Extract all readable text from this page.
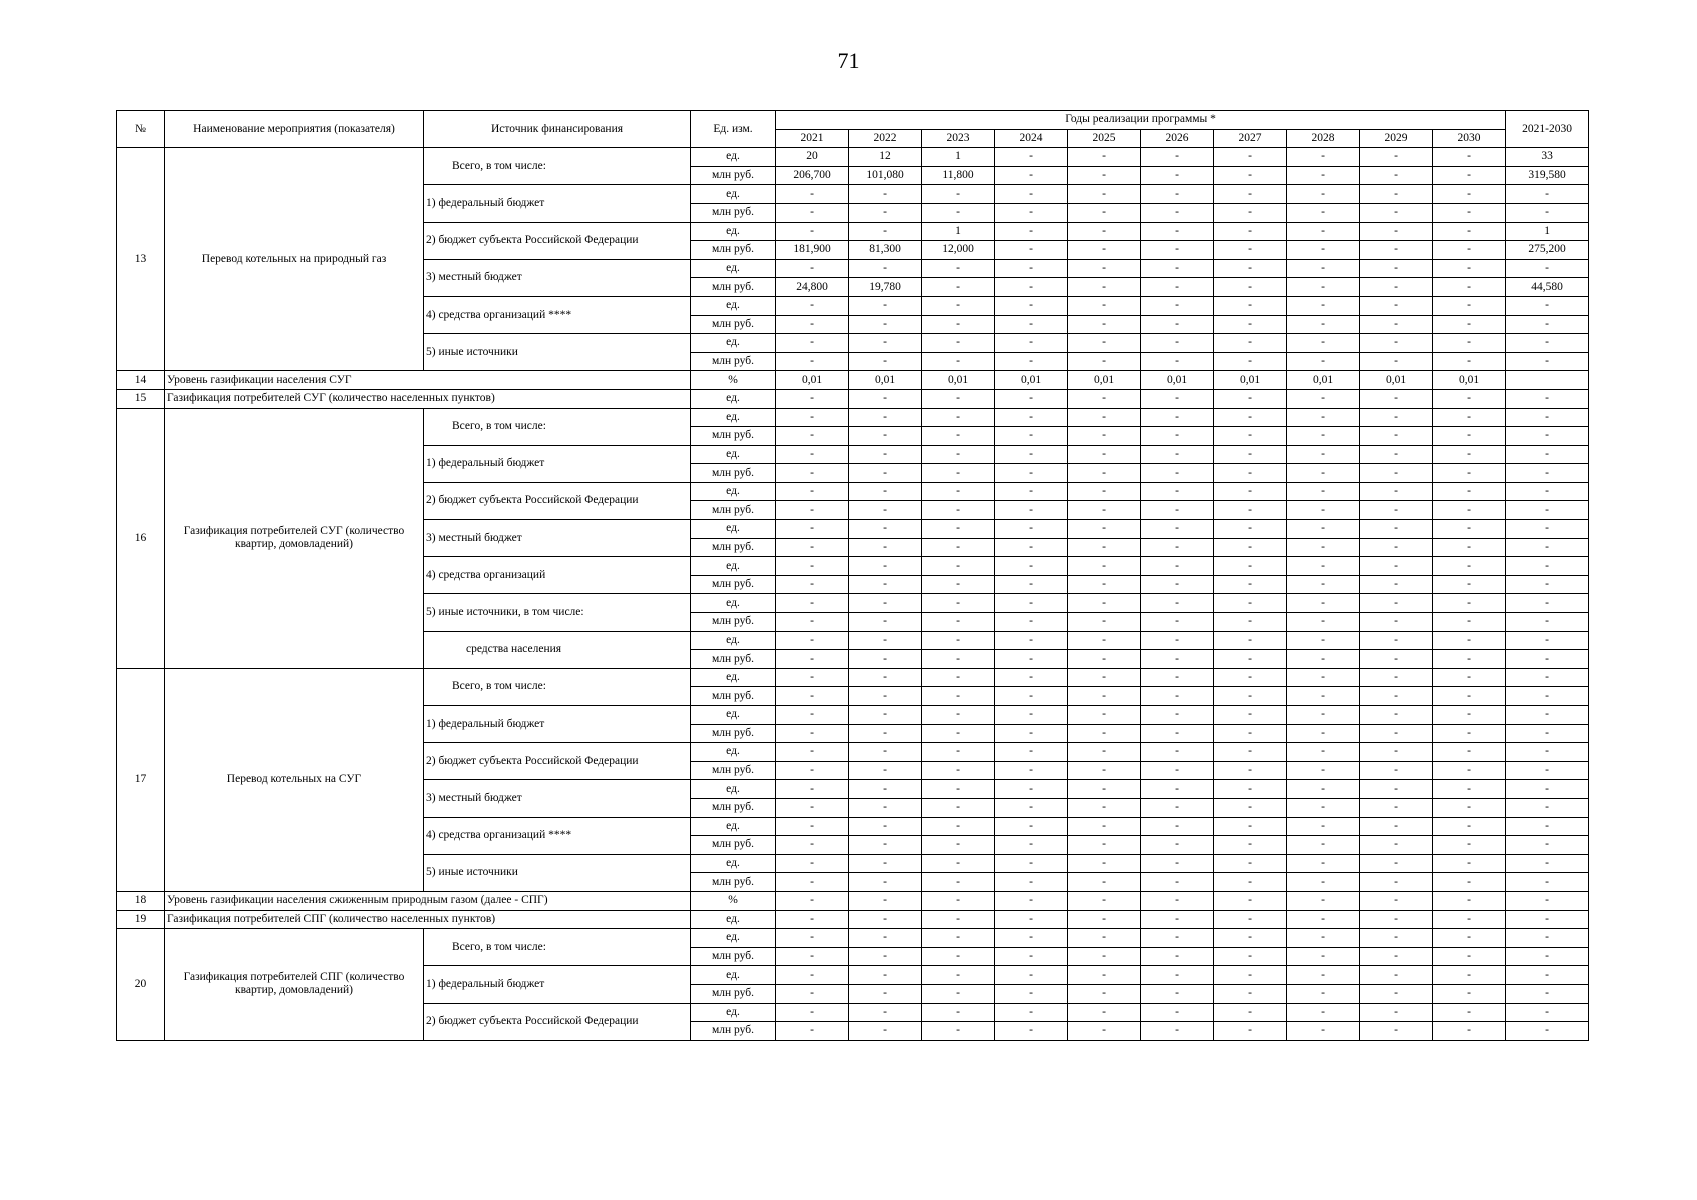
71
№	Наименование мероприятия (показателя)	Источник финансирования	Ед. изм.	Годы реализации программы *										2021-2030
				2021	2022	2023	2024	2025	2026	2027	2028	2029	2030	
13	Перевод котельных на природный газ	Всего, в том числе:	ед.	20	12	1	-	-	-	-	-	-	-	33
			млн руб.	206,700	101,080	11,800	-	-	-	-	-	-	-	319,580
		1) федеральный бюджет	ед.	-	-	-	-	-	-	-	-	-	-	-
			млн руб.	-	-	-	-	-	-	-	-	-	-	-
		2) бюджет субъекта Российской Федерации	ед.	-	-	1	-	-	-	-	-	-	-	1
			млн руб.	181,900	81,300	12,000	-	-	-	-	-	-	-	275,200
		3) местный бюджет	ед.	-	-	-	-	-	-	-	-	-	-	-
			млн руб.	24,800	19,780	-	-	-	-	-	-	-	-	44,580
		4) средства организаций ****	ед.	-	-	-	-	-	-	-	-	-	-	-
			млн руб.	-	-	-	-	-	-	-	-	-	-	-
		5) иные источники	ед.	-	-	-	-	-	-	-	-	-	-	-
			млн руб.	-	-	-	-	-	-	-	-	-	-	-
14	Уровень газификации населения СУГ		%	0,01	0,01	0,01	0,01	0,01	0,01	0,01	0,01	0,01	0,01	
15	Газификация потребителей СУГ (количество населенных пунктов)		ед.	-	-	-	-	-	-	-	-	-	-	-
16	Газификация потребителей СУГ (количество квартир, домовладений)	Всего, в том числе:	ед.	-	-	-	-	-	-	-	-	-	-	-
			млн руб.	-	-	-	-	-	-	-	-	-	-	-
		1) федеральный бюджет	ед.	-	-	-	-	-	-	-	-	-	-	-
			млн руб.	-	-	-	-	-	-	-	-	-	-	-
		2) бюджет субъекта Российской Федерации	ед.	-	-	-	-	-	-	-	-	-	-	-
			млн руб.	-	-	-	-	-	-	-	-	-	-	-
		3) местный бюджет	ед.	-	-	-	-	-	-	-	-	-	-	-
			млн руб.	-	-	-	-	-	-	-	-	-	-	-
		4) средства организаций	ед.	-	-	-	-	-	-	-	-	-	-	-
			млн руб.	-	-	-	-	-	-	-	-	-	-	-
		5) иные источники, в том числе:	ед.	-	-	-	-	-	-	-	-	-	-	-
			млн руб.	-	-	-	-	-	-	-	-	-	-	-
		средства населения	ед.	-	-	-	-	-	-	-	-	-	-	-
			млн руб.	-	-	-	-	-	-	-	-	-	-	-
17	Перевод котельных на СУГ	Всего, в том числе:	ед.	-	-	-	-	-	-	-	-	-	-	-
			млн руб.	-	-	-	-	-	-	-	-	-	-	-
		1) федеральный бюджет	ед.	-	-	-	-	-	-	-	-	-	-	-
			млн руб.	-	-	-	-	-	-	-	-	-	-	-
		2) бюджет субъекта Российской Федерации	ед.	-	-	-	-	-	-	-	-	-	-	-
			млн руб.	-	-	-	-	-	-	-	-	-	-	-
		3) местный бюджет	ед.	-	-	-	-	-	-	-	-	-	-	-
			млн руб.	-	-	-	-	-	-	-	-	-	-	-
		4) средства организаций ****	ед.	-	-	-	-	-	-	-	-	-	-	-
			млн руб.	-	-	-	-	-	-	-	-	-	-	-
		5) иные источники	ед.	-	-	-	-	-	-	-	-	-	-	-
			млн руб.	-	-	-	-	-	-	-	-	-	-	-
18	Уровень газификации населения сжиженным природным газом (далее - СПГ)		%	-	-	-	-	-	-	-	-	-	-	-
19	Газификация потребителей СПГ (количество населенных пунктов)		ед.	-	-	-	-	-	-	-	-	-	-	-
20	Газификация потребителей СПГ (количество квартир, домовладений)	Всего, в том числе:	ед.	-	-	-	-	-	-	-	-	-	-	-
			млн руб.	-	-	-	-	-	-	-	-	-	-	-
		1) федеральный бюджет	ед.	-	-	-	-	-	-	-	-	-	-	-
			млн руб.	-	-	-	-	-	-	-	-	-	-	-
		2) бюджет субъекта Российской Федерации	ед.	-	-	-	-	-	-	-	-	-	-	-
			млн руб.	-	-	-	-	-	-	-	-	-	-	-
